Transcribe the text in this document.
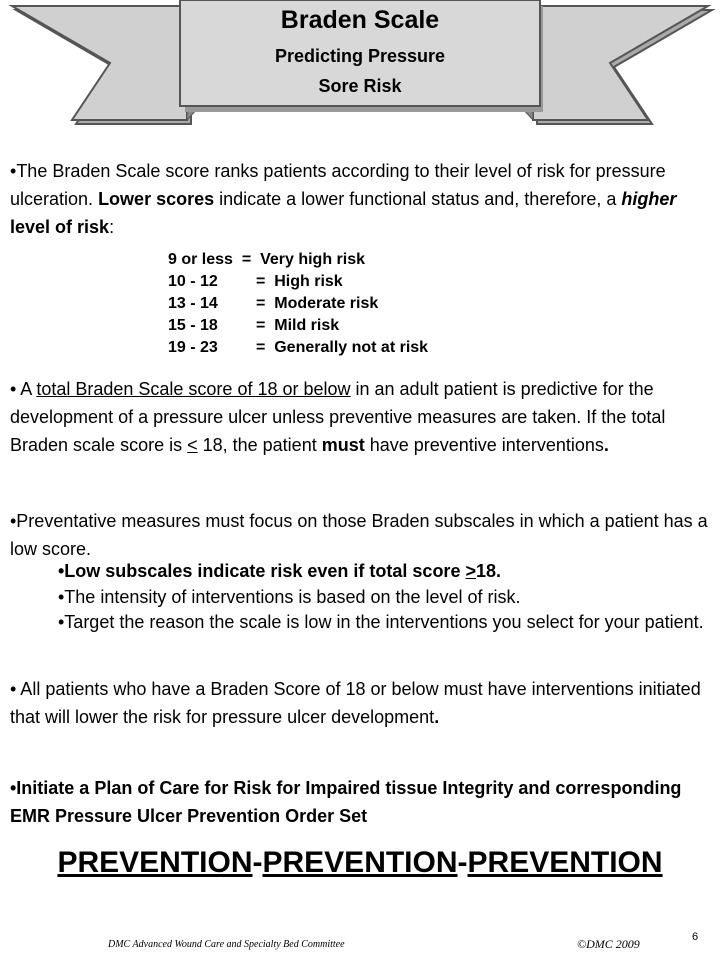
Braden Scale
Predicting Pressure
Sore Risk
•The Braden Scale score ranks patients according to their level of risk for pressure ulceration. Lower scores indicate a lower functional status and, therefore, a higher level of risk:
9 or less  =  Very high risk
10 - 12 =  High risk
13 - 14 =  Moderate risk
15 - 18 =  Mild risk
19 - 23 =  Generally not at risk
• A total Braden Scale score of 18 or below in an adult patient is predictive for the development of a pressure ulcer unless preventive measures are taken. If the total Braden scale score is ≤ 18, the patient must have preventive interventions.
•Preventative measures must focus on those Braden subscales in which a patient has a low score.
•Low subscales indicate risk even if total score ≥18.
•The intensity of interventions is based on the level of risk.
•Target the reason the scale is low in the interventions you select for your patient.
• All patients who have a Braden Score of 18 or below must have interventions initiated that will lower the risk for pressure ulcer development.
•Initiate a Plan of Care for Risk for Impaired tissue Integrity and corresponding EMR Pressure Ulcer Prevention Order Set
PREVENTION-PREVENTION-PREVENTION
DMC Advanced Wound Care and Specialty Bed Committee	©DMC 2009	6
